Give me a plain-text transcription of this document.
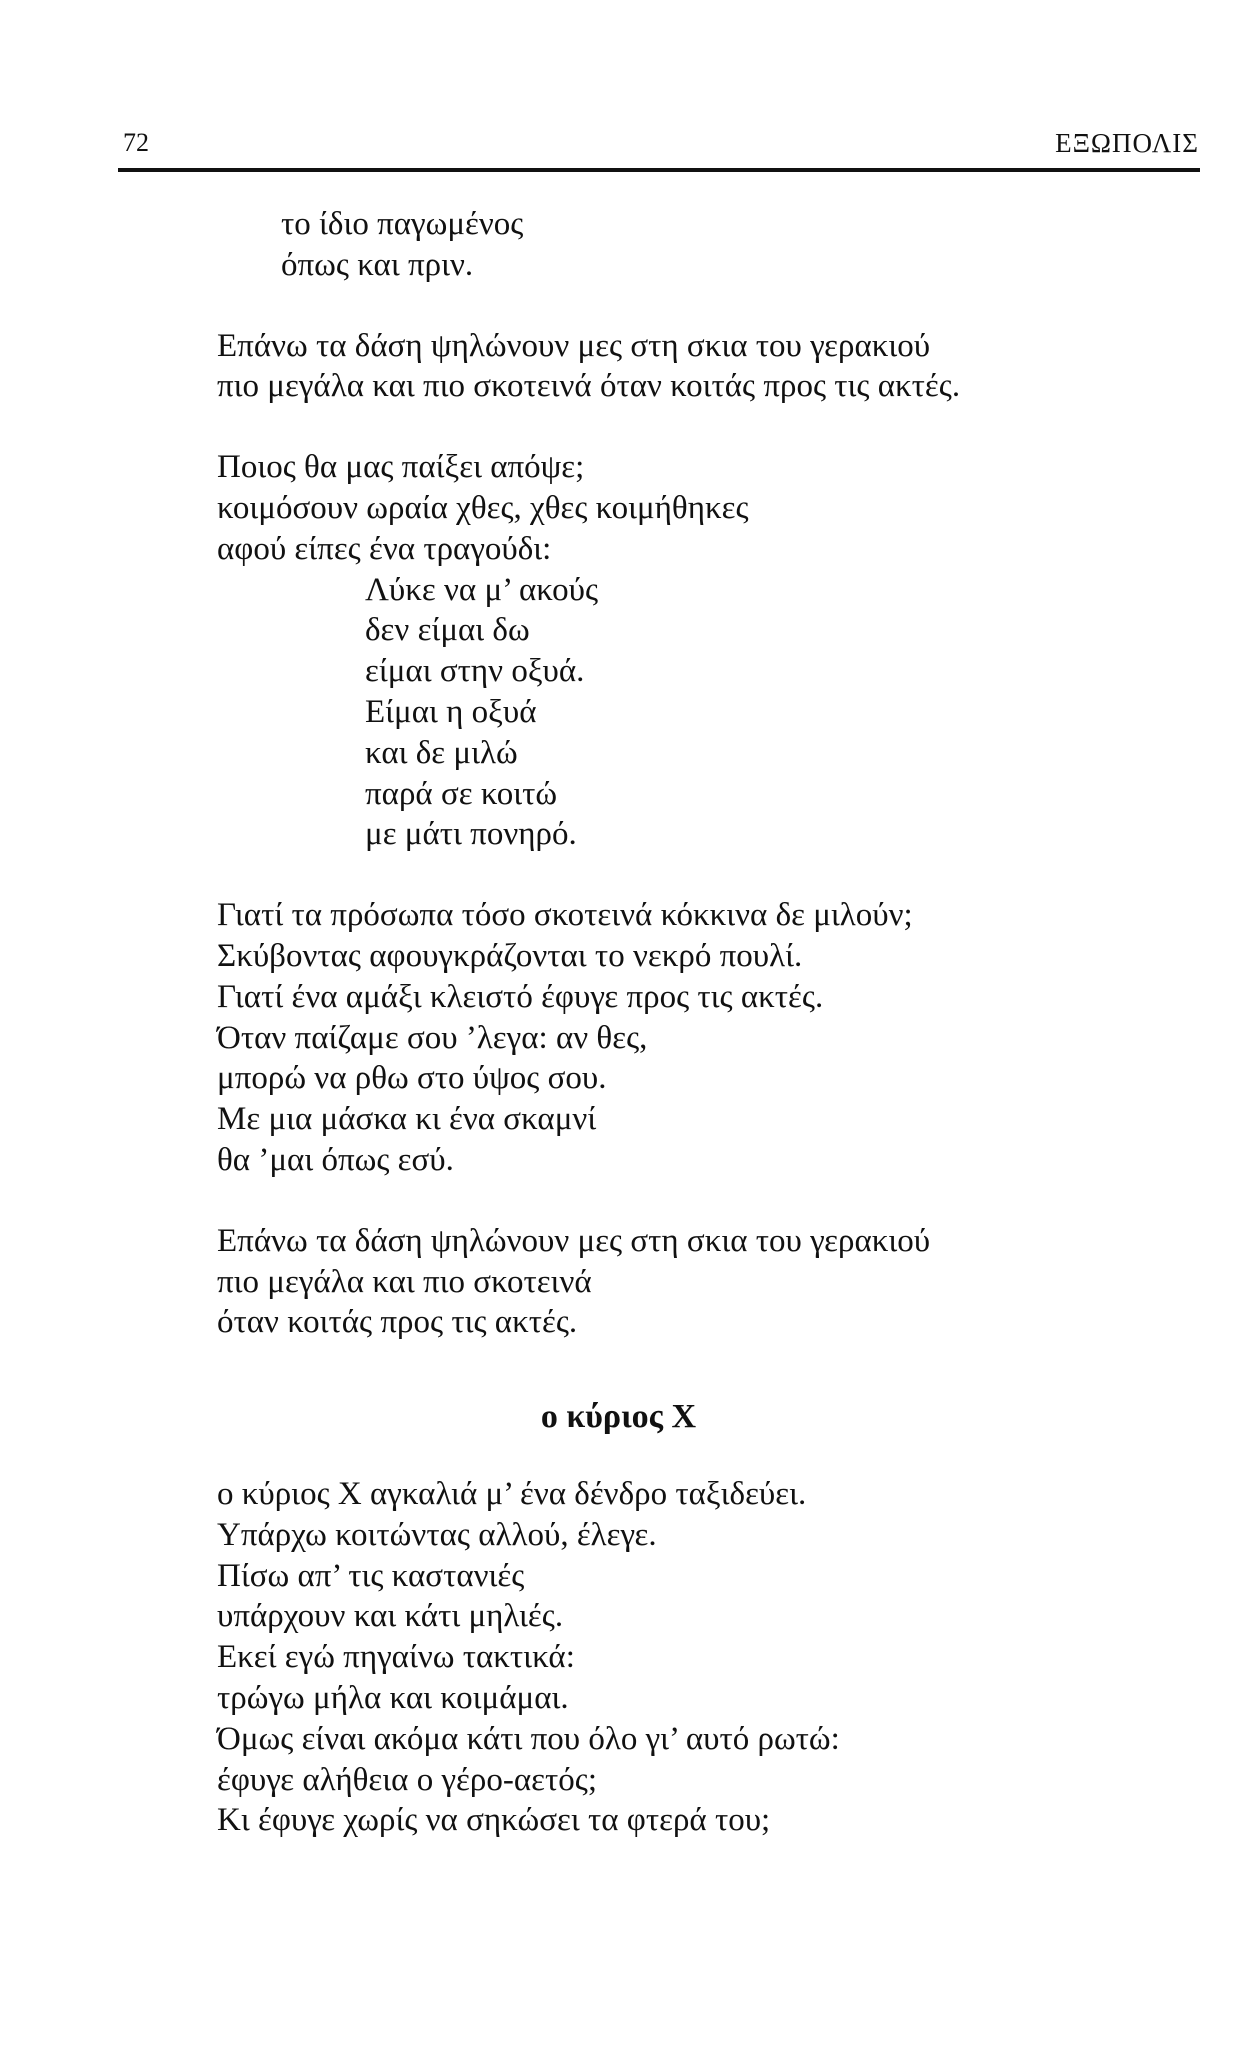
72	ΕΞΩΠΟΛΙΣ
το ίδιο παγωμένος
όπως και πριν.
Επάνω τα δάση ψηλώνουν μες στη σκια του γερακιού
πιο μεγάλα και πιο σκοτεινά όταν κοιτάς προς τις ακτές.
Ποιος θα μας παίξει απόψε;
κοιμόσουν ωραία χθες, χθες κοιμήθηκες
αφού είπες ένα τραγούδι:
Λύκε να μ’ ακούς
δεν είμαι δω
είμαι στην οξυά.
Είμαι η οξυά
και δε μιλώ
παρά σε κοιτώ
με μάτι πονηρό.
Γιατί τα πρόσωπα τόσο σκοτεινά κόκκινα δε μιλούν;
Σκύβοντας αφουγκράζονται το νεκρό πουλί.
Γιατί ένα αμάξι κλειστό έφυγε προς τις ακτές.
Όταν παίζαμε σου ’λεγα: αν θες,
μπορώ να ρθω στο ύψος σου.
Με μια μάσκα κι ένα σκαμνί
θα ’μαι όπως εσύ.
Επάνω τα δάση ψηλώνουν μες στη σκια του γερακιού
πιο μεγάλα και πιο σκοτεινά
όταν κοιτάς προς τις ακτές.
ο κύριος Χ
ο κύριος Χ αγκαλιά μ’ ένα δένδρο ταξιδεύει.
Υπάρχω κοιτώντας αλλού, έλεγε.
Πίσω απ’ τις καστανιές
υπάρχουν και κάτι μηλιές.
Εκεί εγώ πηγαίνω τακτικά:
τρώγω μήλα και κοιμάμαι.
Όμως είναι ακόμα κάτι που όλο γι’ αυτό ρωτώ:
έφυγε αλήθεια ο γέρο-αετός;
Κι έφυγε χωρίς να σηκώσει τα φτερά του;
